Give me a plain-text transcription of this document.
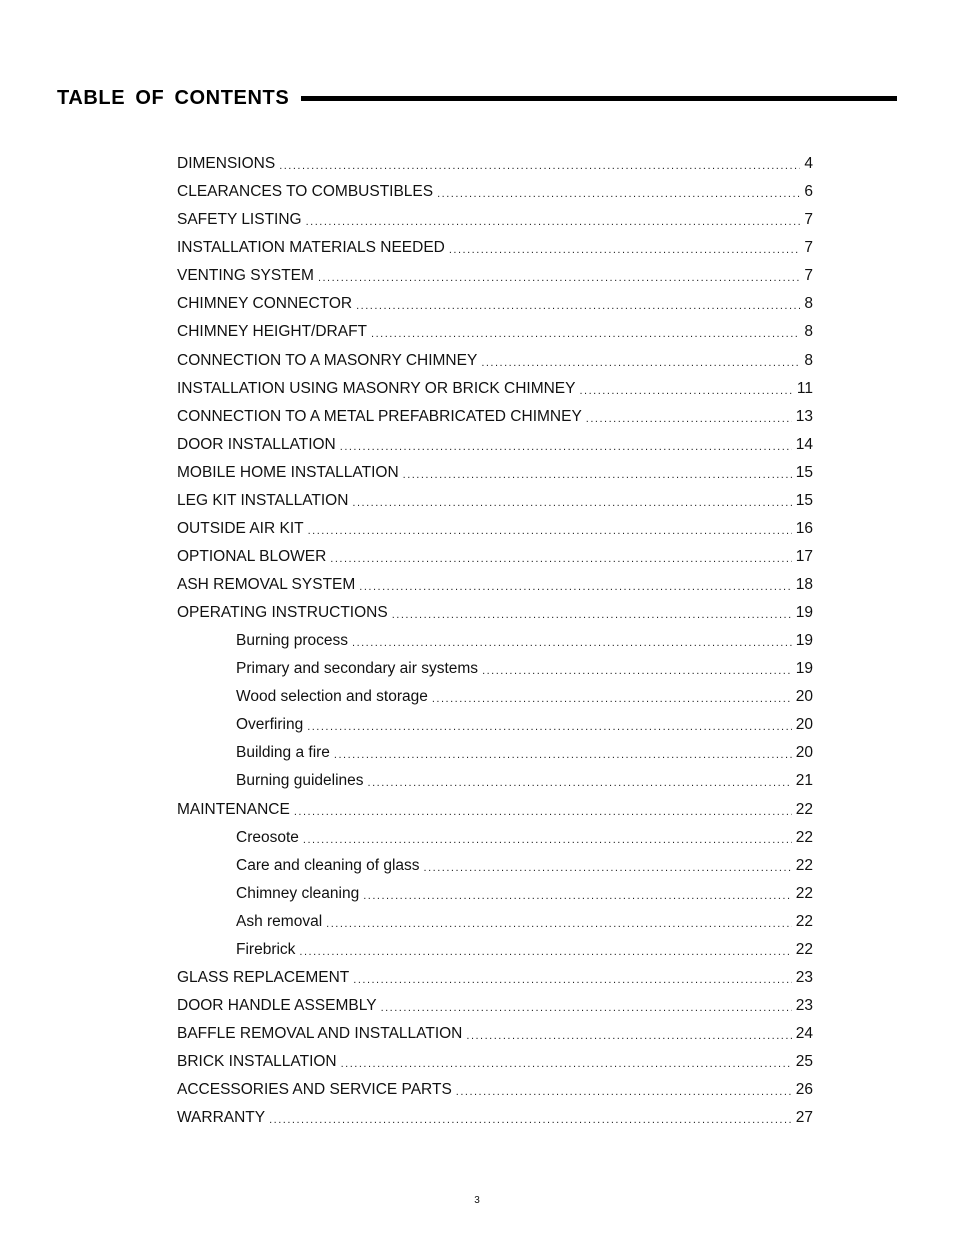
TABLE OF CONTENTS
DIMENSIONS .....	4
CLEARANCES TO COMBUSTIBLES .....	6
SAFETY LISTING .....	7
INSTALLATION MATERIALS NEEDED .....	7
VENTING SYSTEM .....	7
CHIMNEY CONNECTOR .....	8
CHIMNEY HEIGHT/DRAFT .....	8
CONNECTION TO A MASONRY CHIMNEY .....	8
INSTALLATION USING MASONRY OR BRICK CHIMNEY .....	11
CONNECTION TO A METAL PREFABRICATED CHIMNEY .....	13
DOOR INSTALLATION .....	14
MOBILE HOME INSTALLATION .....	15
LEG KIT INSTALLATION .....	15
OUTSIDE AIR KIT .....	16
OPTIONAL BLOWER .....	17
ASH REMOVAL SYSTEM .....	18
OPERATING INSTRUCTIONS .....	19
Burning process .....	19
Primary and secondary air systems .....	19
Wood selection and storage .....	20
Overfiring .....	20
Building a fire .....	20
Burning guidelines .....	21
MAINTENANCE .....	22
Creosote .....	22
Care and cleaning of glass .....	22
Chimney cleaning .....	22
Ash removal .....	22
Firebrick .....	22
GLASS REPLACEMENT .....	23
DOOR HANDLE ASSEMBLY .....	23
BAFFLE REMOVAL AND INSTALLATION .....	24
BRICK INSTALLATION .....	25
ACCESSORIES AND SERVICE PARTS .....	26
WARRANTY .....	27
3
